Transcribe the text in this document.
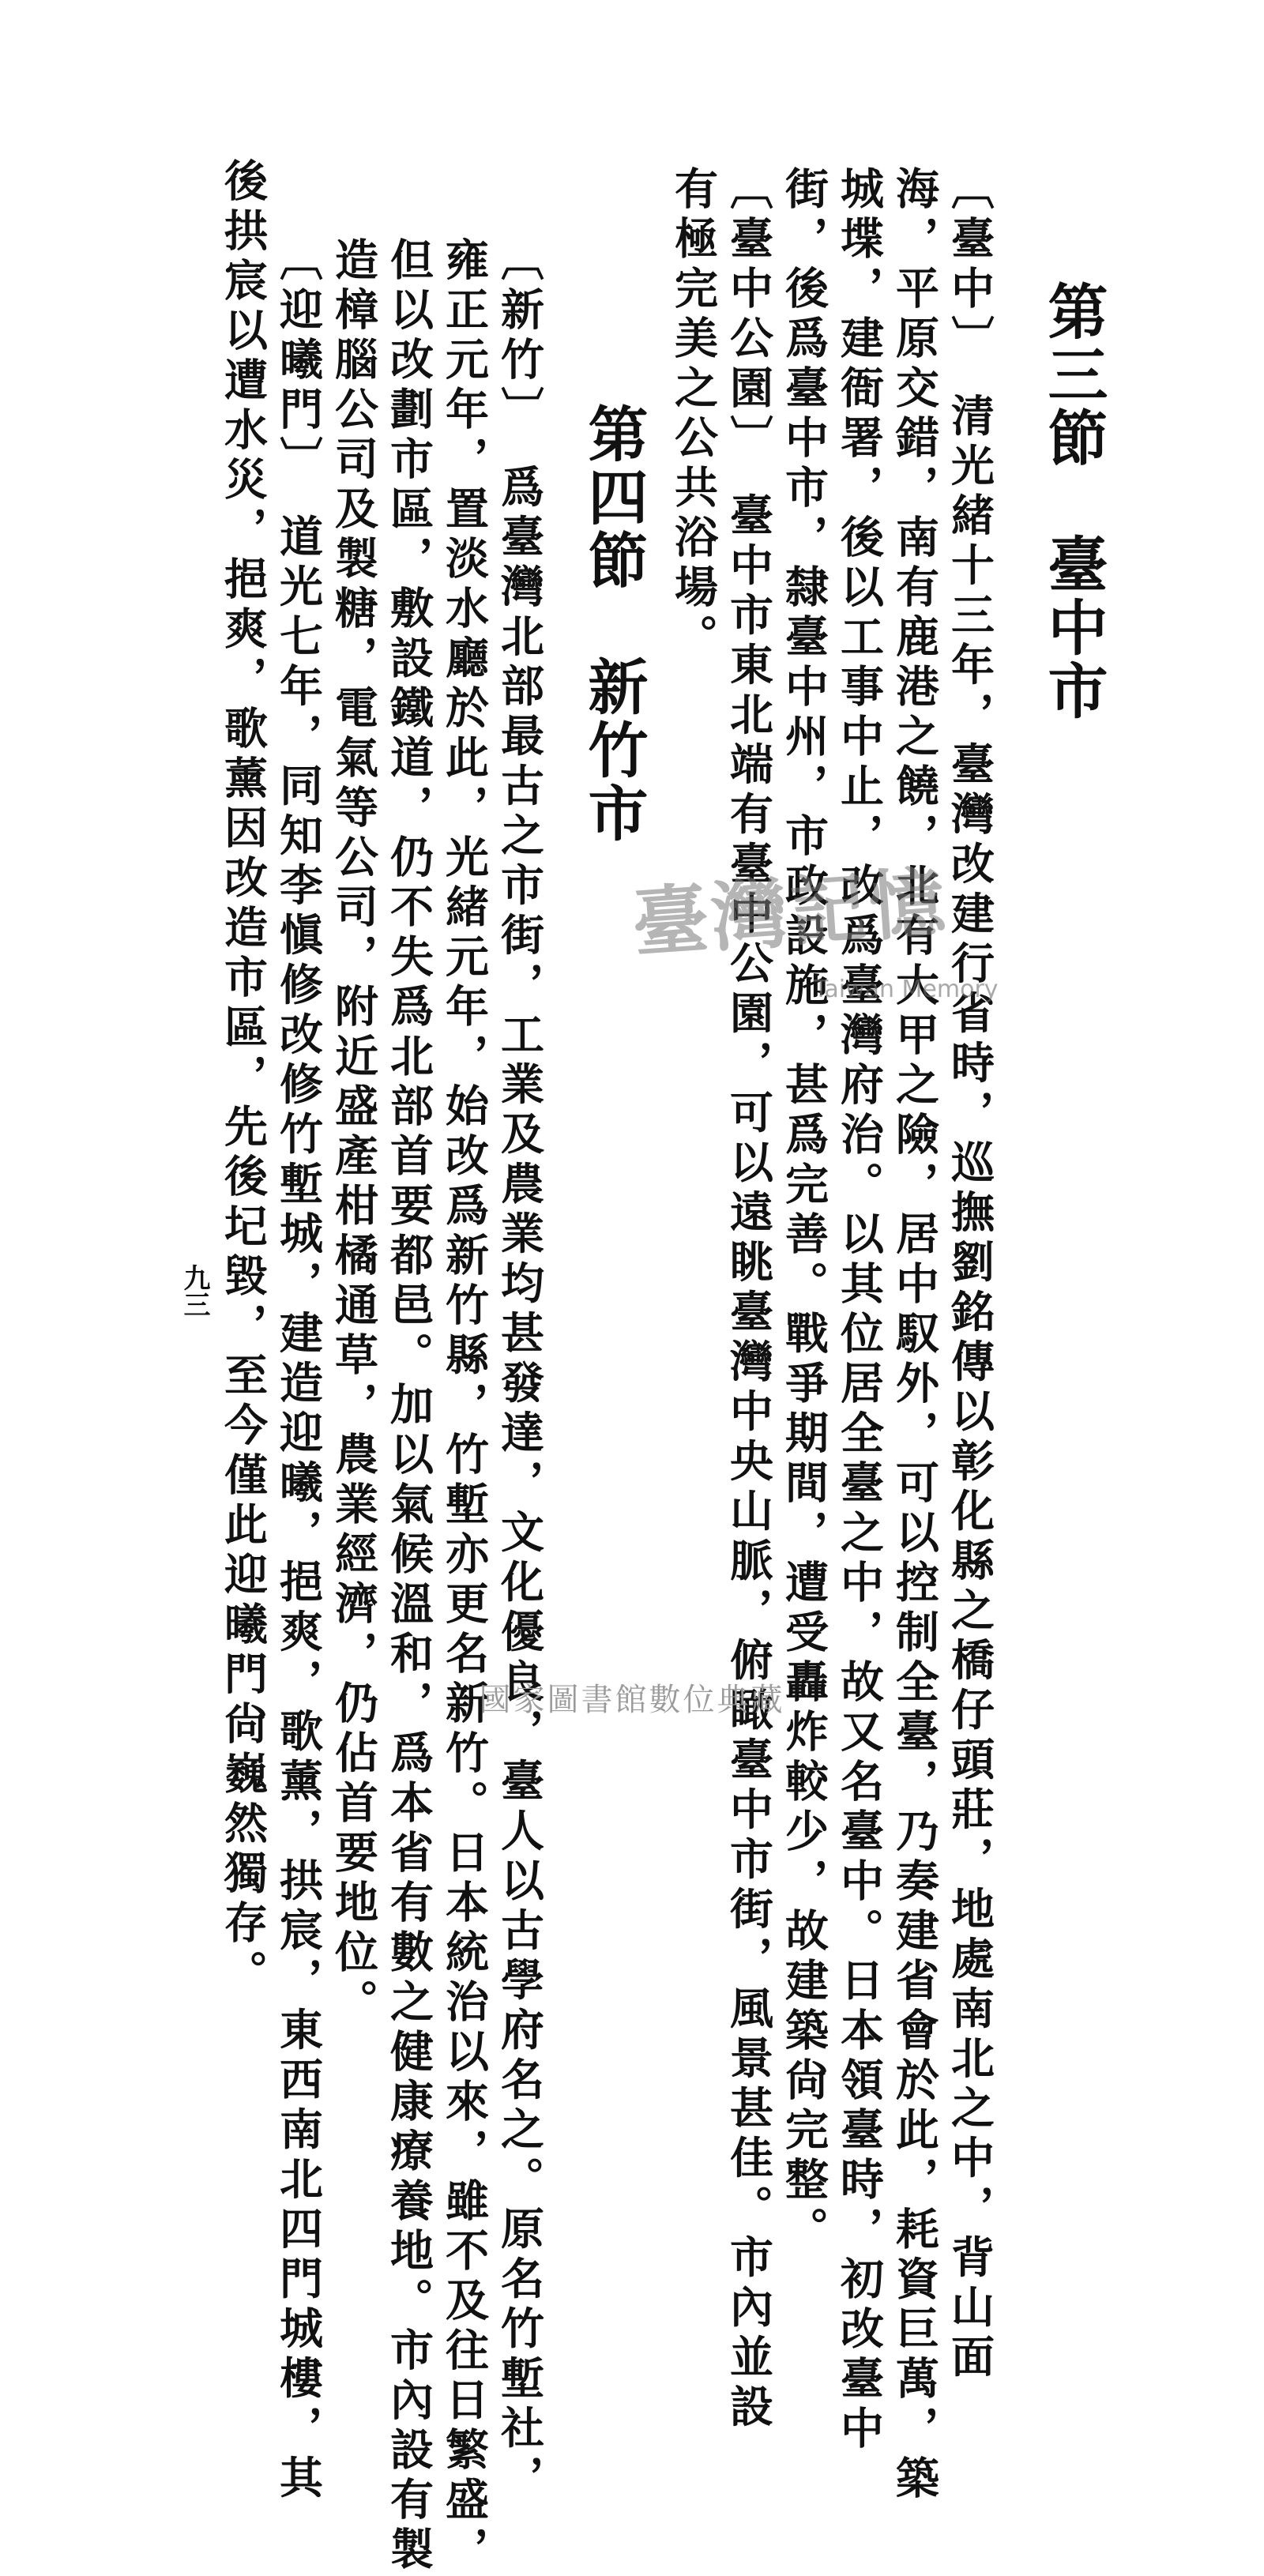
第三節　臺中市
〔臺中〕　清光緒十三年，臺灣改建行省時，巡撫劉銘傳以彰化縣之橋仔頭莊，地處南北之中，背山面
海，平原交錯，南有鹿港之饒，北有大甲之險，居中馭外，可以控制全臺，乃奏建省會於此，耗資巨萬，築
城堞，建衙署，後以工事中止，改爲臺灣府治。以其位居全臺之中，故又名臺中。日本領臺時，初改臺中
街，後爲臺中市，隸臺中州，市政設施，甚爲完善。戰爭期間，遭受轟炸較少，故建築尙完整。
〔臺中公園〕　臺中市東北端有臺中公園，可以遠眺臺灣中央山脈，俯瞰臺中市街，風景甚佳。市內並設
有極完美之公共浴場。
第四節　新竹市
〔新竹〕　爲臺灣北部最古之市街，工業及農業均甚發達，文化優良，臺人以古學府名之。原名竹塹社，
雍正元年，置淡水廳於此，光緒元年，始改爲新竹縣，竹塹亦更名新竹。日本統治以來，雖不及往日繁盛，
但以改劃市區，敷設鐵道，仍不失爲北部首要都邑。加以氣候溫和，爲本省有數之健康療養地。市內設有製
造樟腦公司及製糖，電氣等公司，附近盛產柑橘通草，農業經濟，仍佔首要地位。
〔迎曦門〕　道光七年，同知李愼修改修竹塹城，建造迎曦，挹爽，歌薰，拱宸，東西南北四門城樓，其
後拱宸以遭水災，挹爽，歌薰因改造市區，先後圮毀，至今僅此迎曦門尙巍然獨存。
九三
臺灣記憶
Taiwan Memory
國家圖書館數位典藏
